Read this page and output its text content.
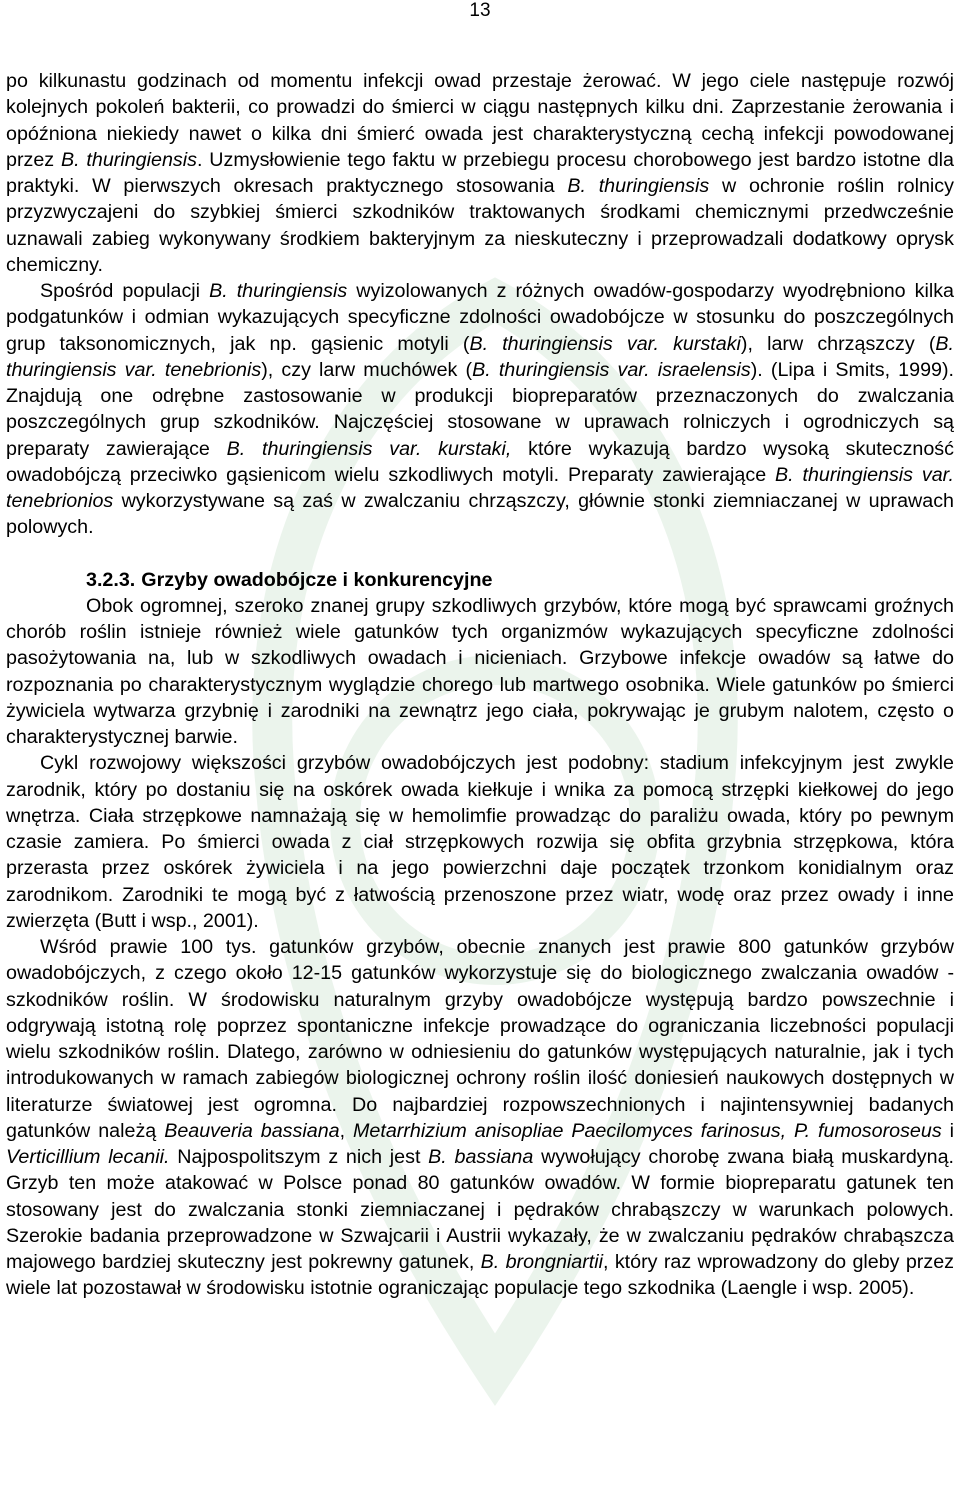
13
po kilkunastu godzinach od momentu infekcji owad przestaje żerować. W jego ciele następuje rozwój kolejnych pokoleń bakterii, co prowadzi do śmierci w ciągu następnych kilku dni. Zaprzestanie żerowania i opóźniona niekiedy nawet o kilka dni śmierć owada jest charakterystyczną cechą infekcji powodowanej przez B. thuringiensis. Uzmysłowienie tego faktu w przebiegu procesu chorobowego jest bardzo istotne dla praktyki. W pierwszych okresach praktycznego stosowania B. thuringiensis w ochronie roślin rolnicy przyzwyczajeni do szybkiej śmierci szkodników traktowanych środkami chemicznymi przedwcześnie uznawali zabieg wykonywany środkiem bakteryjnym za nieskuteczny i przeprowadzali dodatkowy oprysk chemiczny.
Spośród populacji B. thuringiensis wyizolowanych z różnych owadów-gospodarzy wyodrębniono kilka podgatunków i odmian wykazujących specyficzne zdolności owadobójcze w stosunku do poszczególnych grup taksonomicznych, jak np. gąsienic motyli (B. thuringiensis var. kurstaki), larw chrząszczy (B. thuringiensis var. tenebrionis), czy larw muchówek (B. thuringiensis var. israelensis). (Lipa i Smits, 1999). Znajdują one odrębne zastosowanie w produkcji biopreparatów przeznaczonych do zwalczania poszczególnych grup szkodników. Najczęściej stosowane w uprawach rolniczych i ogrodniczych są preparaty zawierające B. thuringiensis var. kurstaki, które wykazują bardzo wysoką skuteczność owadobójczą przeciwko gąsienicom wielu szkodliwych motyli. Preparaty zawierające B. thuringiensis var. tenebrionios wykorzystywane są zaś w zwalczaniu chrząszczy, głównie stonki ziemniaczanej w uprawach polowych.
3.2.3. Grzyby owadobójcze i konkurencyjne
Obok ogromnej, szeroko znanej grupy szkodliwych grzybów, które mogą być sprawcami groźnych chorób roślin istnieje również wiele gatunków tych organizmów wykazujących specyficzne zdolności pasożytowania na, lub w szkodliwych owadach i nicieniach. Grzybowe infekcje owadów są łatwe do rozpoznania po charakterystycznym wyglądzie chorego lub martwego osobnika. Wiele gatunków po śmierci żywiciela wytwarza grzybnię i zarodniki na zewnątrz jego ciała, pokrywając je grubym nalotem, często o charakterystycznej barwie.
Cykl rozwojowy większości grzybów owadobójczych jest podobny: stadium infekcyjnym jest zwykle zarodnik, który po dostaniu się na oskórek owada kiełkuje i wnika za pomocą strzępki kiełkowej do jego wnętrza. Ciała strzępkowe namnażają się w hemolimfie prowadząc do paraliżu owada, który po pewnym czasie zamiera. Po śmierci owada z ciał strzępkowych rozwija się obfita grzybnia strzępkowa, która przerasta przez oskórek żywiciela i na jego powierzchni daje początek trzonkom konidialnym oraz zarodnikom. Zarodniki te mogą być z łatwością przenoszone przez wiatr, wodę oraz przez owady i inne zwierzęta (Butt i wsp., 2001).
Wśród prawie 100 tys. gatunków grzybów, obecnie znanych jest prawie 800 gatunków grzybów owadobójczych, z czego około 12-15 gatunków wykorzystuje się do biologicznego zwalczania owadów - szkodników roślin. W środowisku naturalnym grzyby owadobójcze występują bardzo powszechnie i odgrywają istotną rolę poprzez spontaniczne infekcje prowadzące do ograniczania liczebności populacji wielu szkodników roślin. Dlatego, zarówno w odniesieniu do gatunków występujących naturalnie, jak i tych introdukowanych w ramach zabiegów biologicznej ochrony roślin ilość doniesień naukowych dostępnych w literaturze światowej jest ogromna. Do najbardziej rozpowszechnionych i najintensywniej badanych gatunków należą Beauveria bassiana, Metarrhizium anisopliae Paecilomyces farinosus, P. fumosoroseus i Verticillium lecanii. Najpospolitszym z nich jest B. bassiana wywołujący chorobę zwana białą muskardyną. Grzyb ten może atakować w Polsce ponad 80 gatunków owadów. W formie biopreparatu gatunek ten stosowany jest do zwalczania stonki ziemniaczanej i pędraków chrabąszczy w warunkach polowych. Szerokie badania przeprowadzone w Szwajcarii i Austrii wykazały, że w zwalczaniu pędraków chrabąszcza majowego bardziej skuteczny jest pokrewny gatunek, B. brongniartii, który raz wprowadzony do gleby przez wiele lat pozostawał w środowisku istotnie ograniczając populacje tego szkodnika (Laengle i wsp. 2005).
